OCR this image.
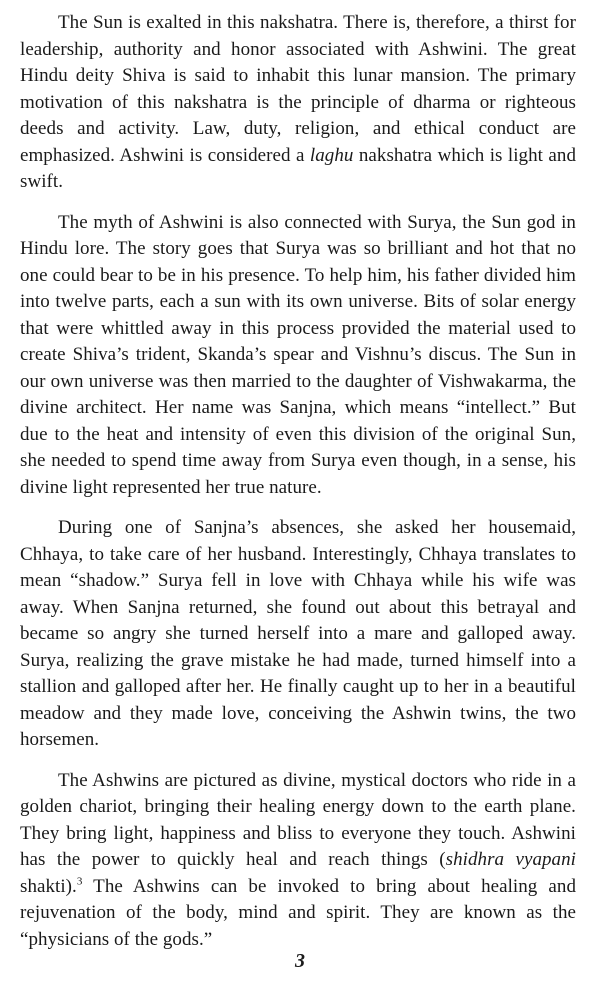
The Sun is exalted in this nakshatra. There is, therefore, a thirst for leadership, authority and honor associated with Ashwini. The great Hindu deity Shiva is said to inhabit this lunar mansion. The primary motivation of this nakshatra is the principle of dharma or righteous deeds and activity. Law, duty, religion, and ethical conduct are emphasized. Ashwini is considered a laghu nakshatra which is light and swift.

The myth of Ashwini is also connected with Surya, the Sun god in Hindu lore. The story goes that Surya was so brilliant and hot that no one could bear to be in his presence. To help him, his father divided him into twelve parts, each a sun with its own universe. Bits of solar energy that were whittled away in this process provided the material used to create Shiva’s trident, Skanda’s spear and Vishnu’s discus. The Sun in our own universe was then married to the daughter of Vishwakarma, the divine architect. Her name was Sanjna, which means “intellect.” But due to the heat and intensity of even this division of the original Sun, she needed to spend time away from Surya even though, in a sense, his divine light represented her true nature.

During one of Sanjna’s absences, she asked her housemaid, Chhaya, to take care of her husband. Interestingly, Chhaya translates to mean “shadow.” Surya fell in love with Chhaya while his wife was away. When Sanjna returned, she found out about this betrayal and became so angry she turned herself into a mare and galloped away. Surya, realizing the grave mistake he had made, turned himself into a stallion and galloped after her. He finally caught up to her in a beautiful meadow and they made love, conceiving the Ashwin twins, the two horsemen.

The Ashwins are pictured as divine, mystical doctors who ride in a golden chariot, bringing their healing energy down to the earth plane. They bring light, happiness and bliss to everyone they touch. Ashwini has the power to quickly heal and reach things (shidhra vyapani shakti).$^3$ The Ashwins can be invoked to bring about healing and rejuvenation of the body, mind and spirit. They are known as the “physicians of the gods.”

3
